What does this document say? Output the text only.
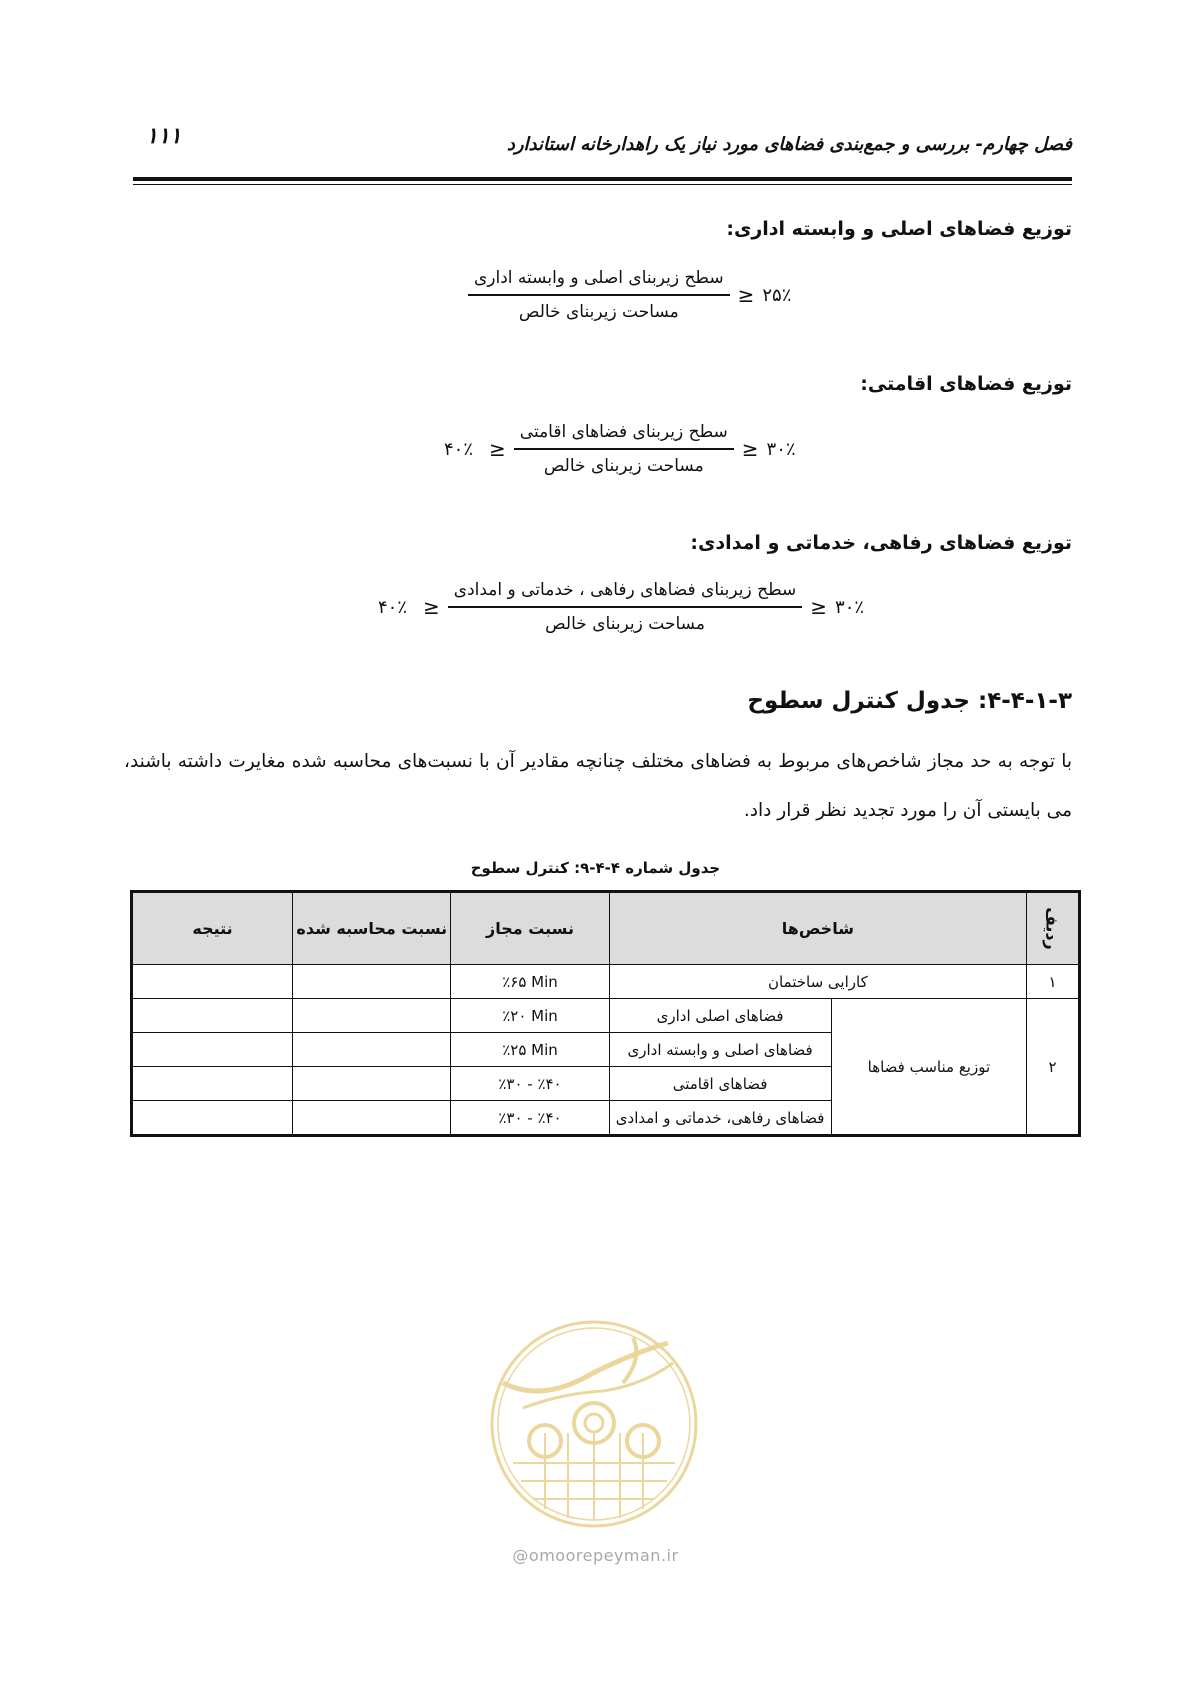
۱۱۱	فصل چهارم- بررسی و جمع‌بندی فضاهای مورد نیاز یک راهدارخانه استاندارد
توزیع فضاهای اصلی و وابسته اداری:
$\frac{\text{سطح زیربنای اصلی و وابسته اداری}}{\text{مساحت زیربنای خالص}}$ ≥ ۲۵٪
توزیع فضاهای اقامتی:
۴۰٪ ≥ $\frac{\text{سطح زیربنای فضاهای اقامتی}}{\text{مساحت زیربنای خالص}}$ ≥ ۳۰٪
توزیع فضاهای رفاهی، خدماتی و امدادی:
۴۰٪ ≥ $\frac{\text{سطح زیربنای فضاهای رفاهی ، خدماتی و امدادی}}{\text{مساحت زیربنای خالص}}$ ≥ ۳۰٪
۴-۴-۱-۳: جدول کنترل سطوح
با توجه به حد مجاز شاخص‌های مربوط به فضاهای مختلف چنانچه مقادیر آن با نسبت‌های محاسبه شده مغایرت داشته باشند، می بایستی آن را مورد تجدید نظر قرار داد.
جدول شماره ۴-۴-۹: کنترل سطوح
ردیف	شاخص‌ها		نسبت مجاز	نسبت محاسبه شده	نتیجه
۱	کارایی ساختمان		٪۶۵ Min		
۲	توزیع مناسب فضاها	فضاهای اصلی اداری	٪۲۰ Min		
		فضاهای اصلی و وابسته اداری	٪۲۵ Min		
		فضاهای اقامتی	٪۳۰ - ٪۴۰		
		فضاهای رفاهی، خدماتی و امدادی	٪۳۰ - ٪۴۰		
@omoorepeyman.ir
